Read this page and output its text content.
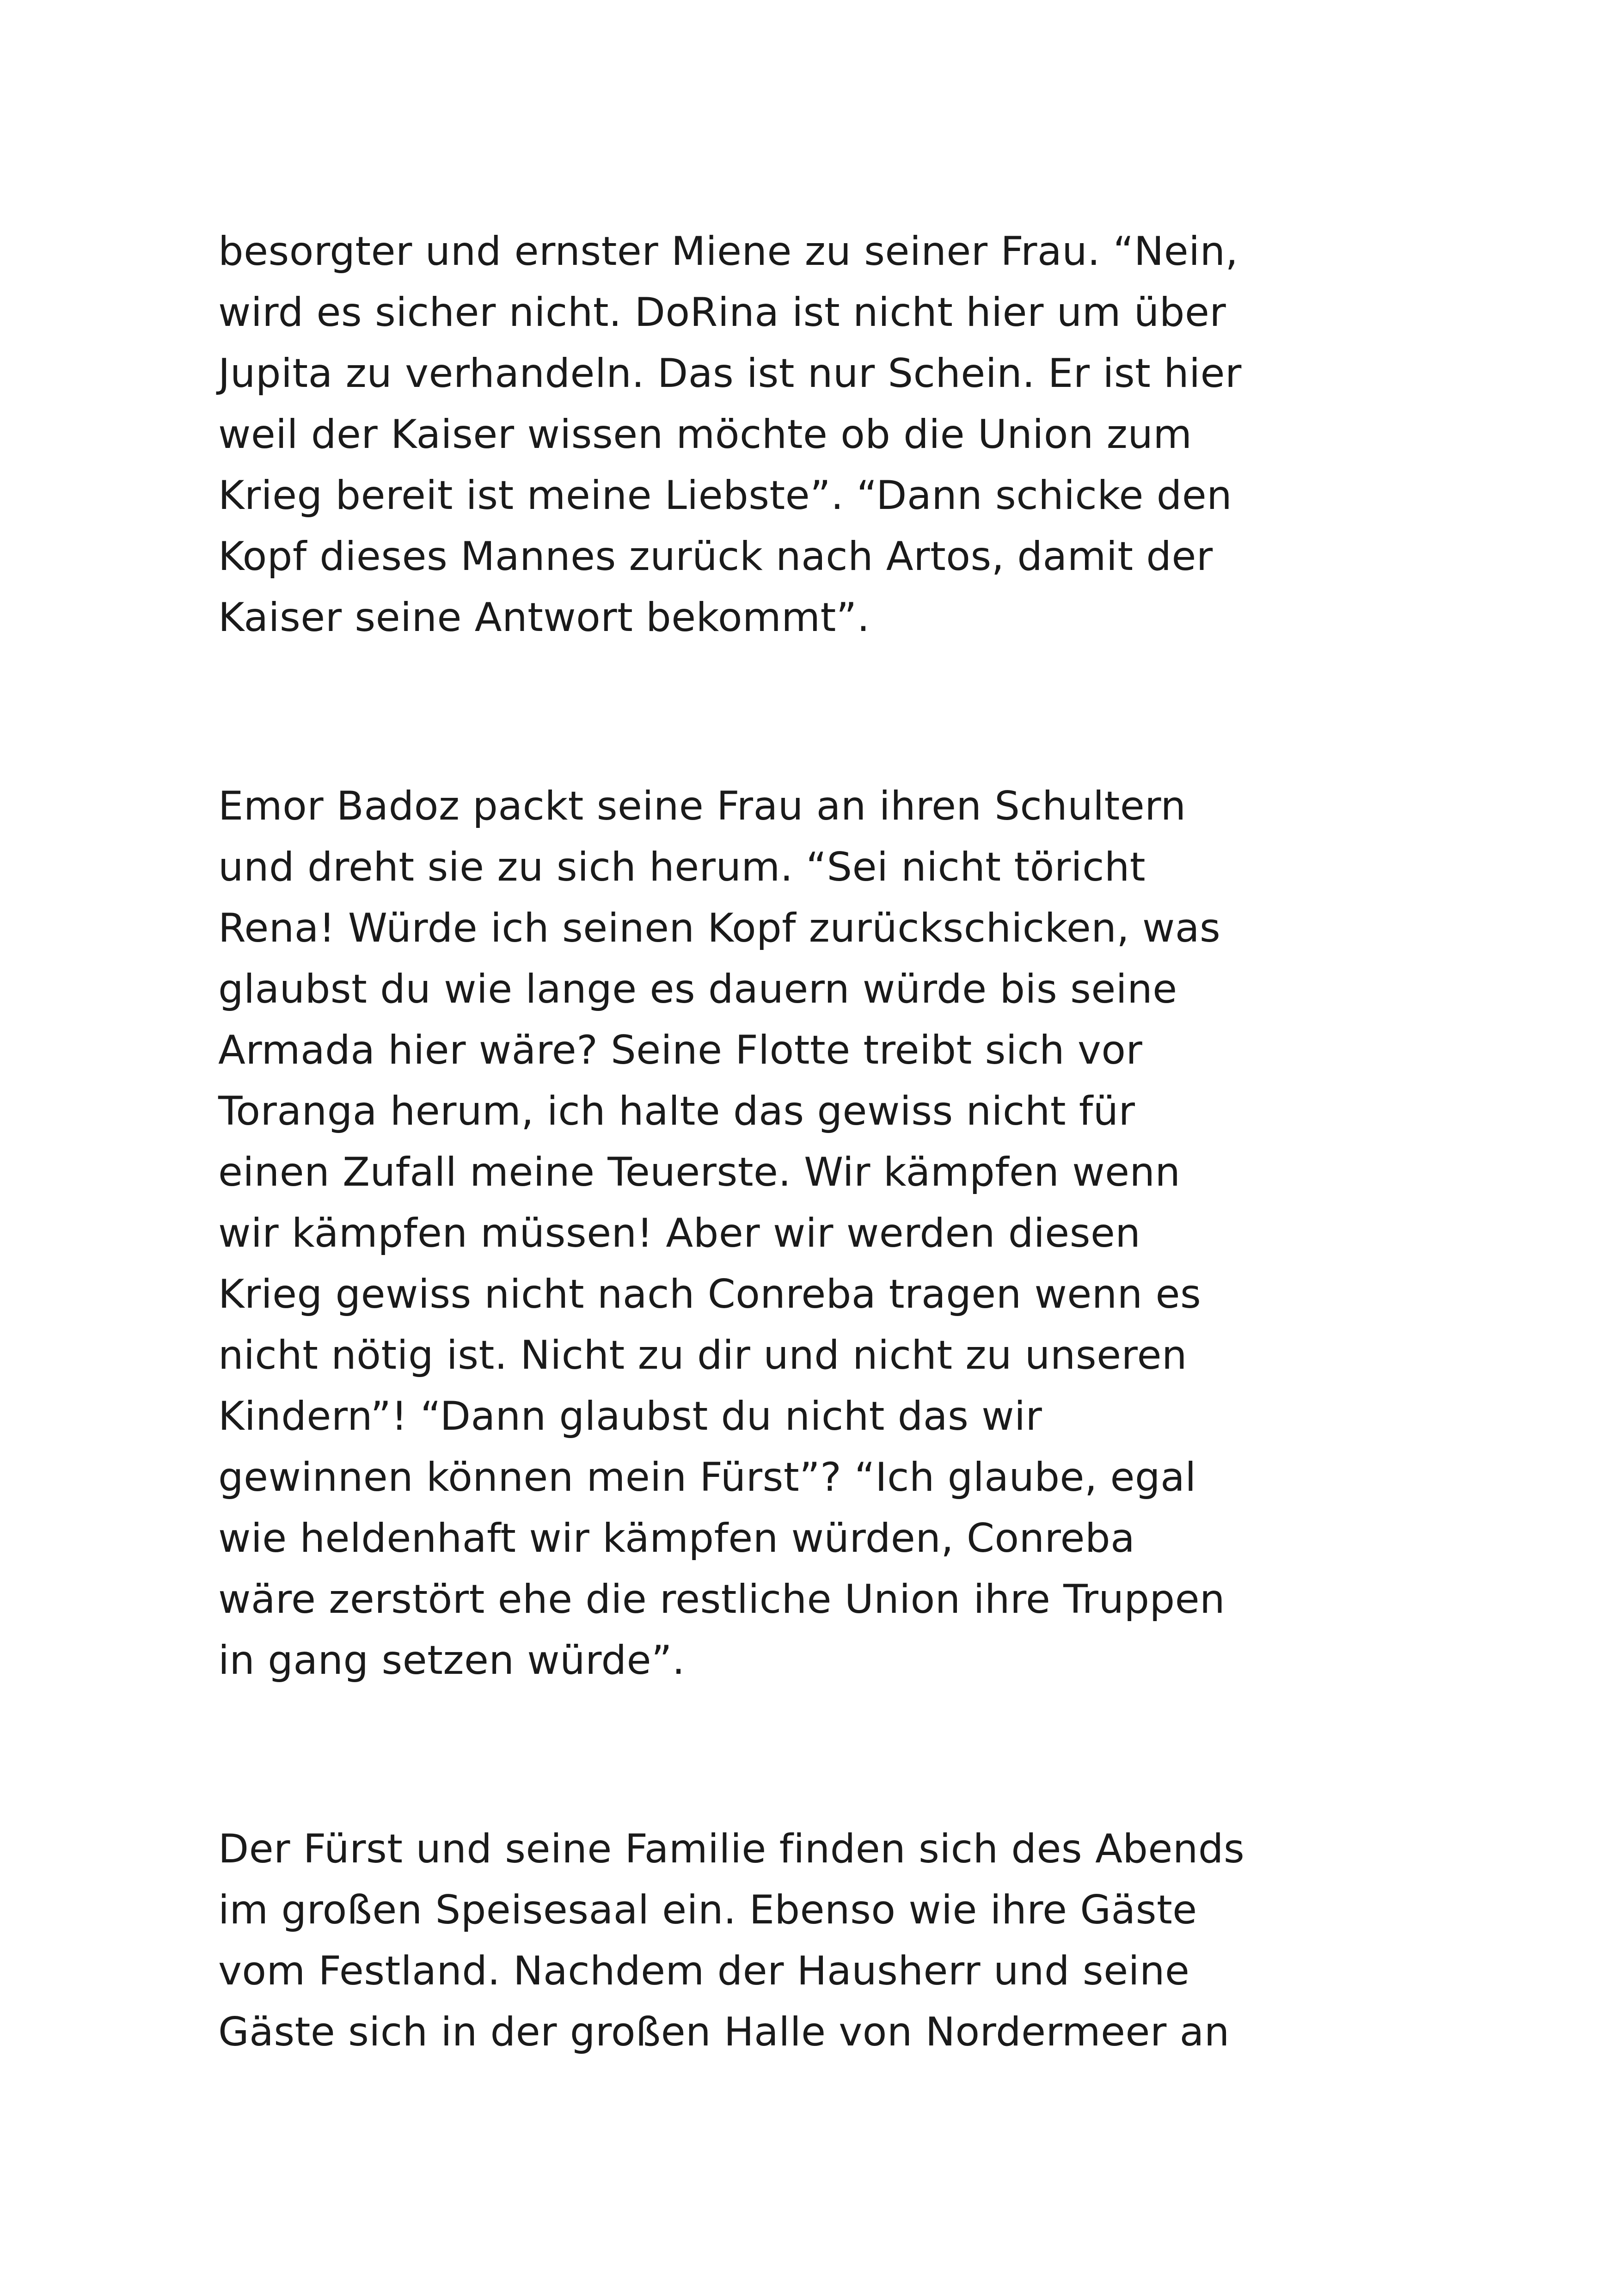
besorgter und ernster Miene zu seiner Frau. “Nein,
wird es sicher nicht. DoRina ist nicht hier um über
Jupita zu verhandeln. Das ist nur Schein. Er ist hier
weil der Kaiser wissen möchte ob die Union zum
Krieg bereit ist meine Liebste”. “Dann schicke den
Kopf dieses Mannes zurück nach Artos, damit der
Kaiser seine Antwort bekommt”.
Emor Badoz packt seine Frau an ihren Schultern
und dreht sie zu sich herum. “Sei nicht töricht
Rena! Würde ich seinen Kopf zurückschicken, was
glaubst du wie lange es dauern würde bis seine
Armada hier wäre? Seine Flotte treibt sich vor
Toranga herum, ich halte das gewiss nicht für
einen Zufall meine Teuerste. Wir kämpfen wenn
wir kämpfen müssen! Aber wir werden diesen
Krieg gewiss nicht nach Conreba tragen wenn es
nicht nötig ist. Nicht zu dir und nicht zu unseren
Kindern”! “Dann glaubst du nicht das wir
gewinnen können mein Fürst”? “Ich glaube, egal
wie heldenhaft wir kämpfen würden, Conreba
wäre zerstört ehe die restliche Union ihre Truppen
in gang setzen würde”.
Der Fürst und seine Familie finden sich des Abends
im großen Speisesaal ein. Ebenso wie ihre Gäste
vom Festland. Nachdem der Hausherr und seine
Gäste sich in der großen Halle von Nordermeer an
